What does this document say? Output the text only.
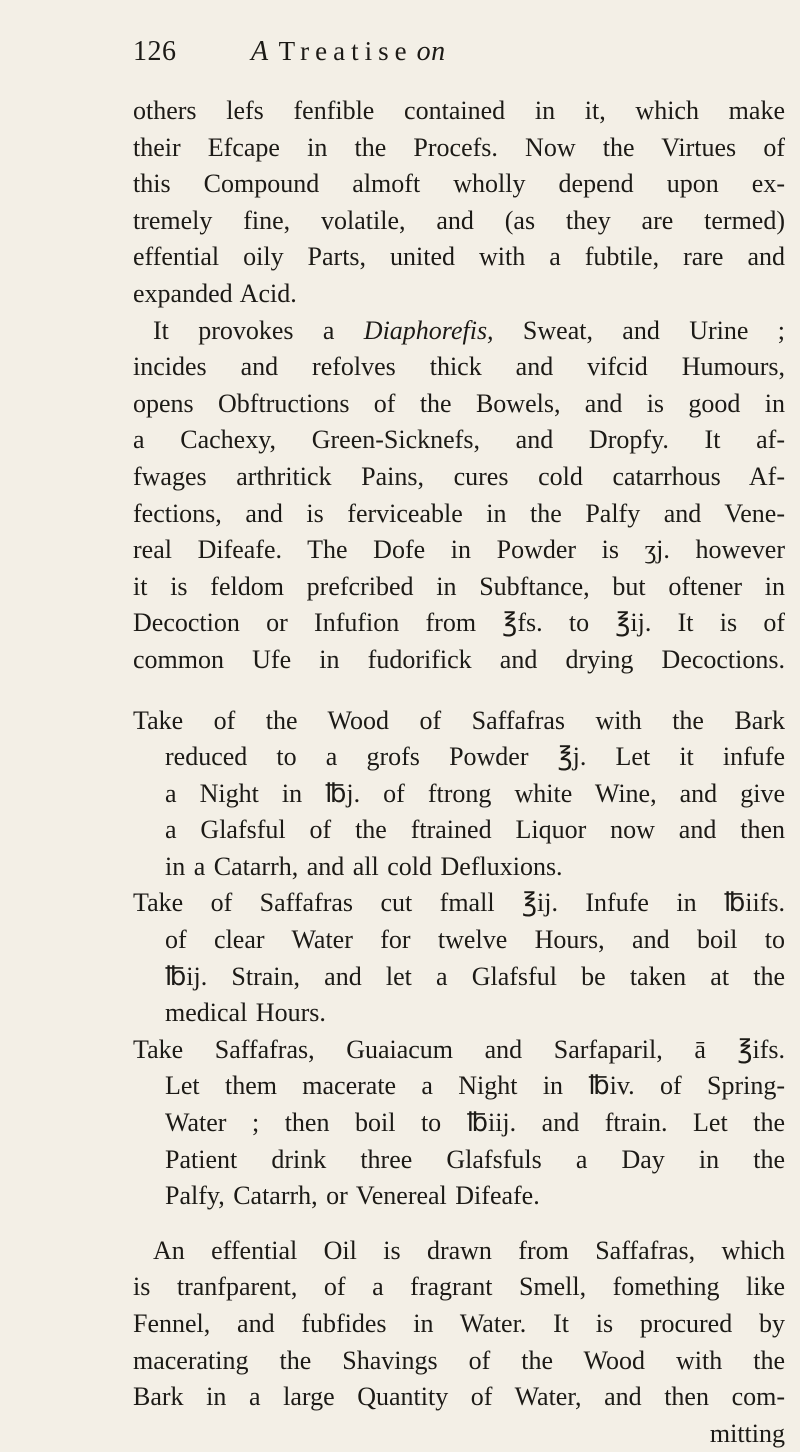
126	A Treatise on
others lefs fenfible contained in it, which make
their Efcape in the Procefs. Now the Virtues of
this Compound almoft wholly depend upon ex-
tremely fine, volatile, and (as they are termed)
effential oily Parts, united with a fubtile, rare and
expanded Acid.
It provokes a Diaphorefis, Sweat, and Urine ;
incides and refolves thick and vifcid Humours,
opens Obftructions of the Bowels, and is good in
a Cachexy, Green-Sicknefs, and Dropfy. It af-
fwages arthritick Pains, cures cold catarrhous Af-
fections, and is ferviceable in the Palfy and Vene-
real Difeafe. The Dofe in Powder is ʒj. however
it is feldom prefcribed in Subftance, but oftener in
Decoction or Infufion from ℥fs. to ℥ij. It is of
common Ufe in fudorifick and drying Decoctions.
Take of the Wood of Saffafras with the Bark
reduced to a grofs Powder ℥j. Let it infufe
a Night in ℔j. of ftrong white Wine, and give
a Glafsful of the ftrained Liquor now and then
in a Catarrh, and all cold Defluxions.
Take of Saffafras cut fmall ℥ij. Infufe in ℔iifs.
of clear Water for twelve Hours, and boil to
℔ij. Strain, and let a Glafsful be taken at the
medical Hours.
Take Saffafras, Guaiacum and Sarfaparil, ā ℥ifs.
Let them macerate a Night in ℔iv. of Spring-
Water ; then boil to ℔iij. and ftrain. Let the
Patient drink three Glafsfuls a Day in the
Palfy, Catarrh, or Venereal Difeafe.
An effential Oil is drawn from Saffafras, which
is tranfparent, of a fragrant Smell, fomething like
Fennel, and fubfides in Water. It is procured by
macerating the Shavings of the Wood with the
Bark in a large Quantity of Water, and then com-
mitting
